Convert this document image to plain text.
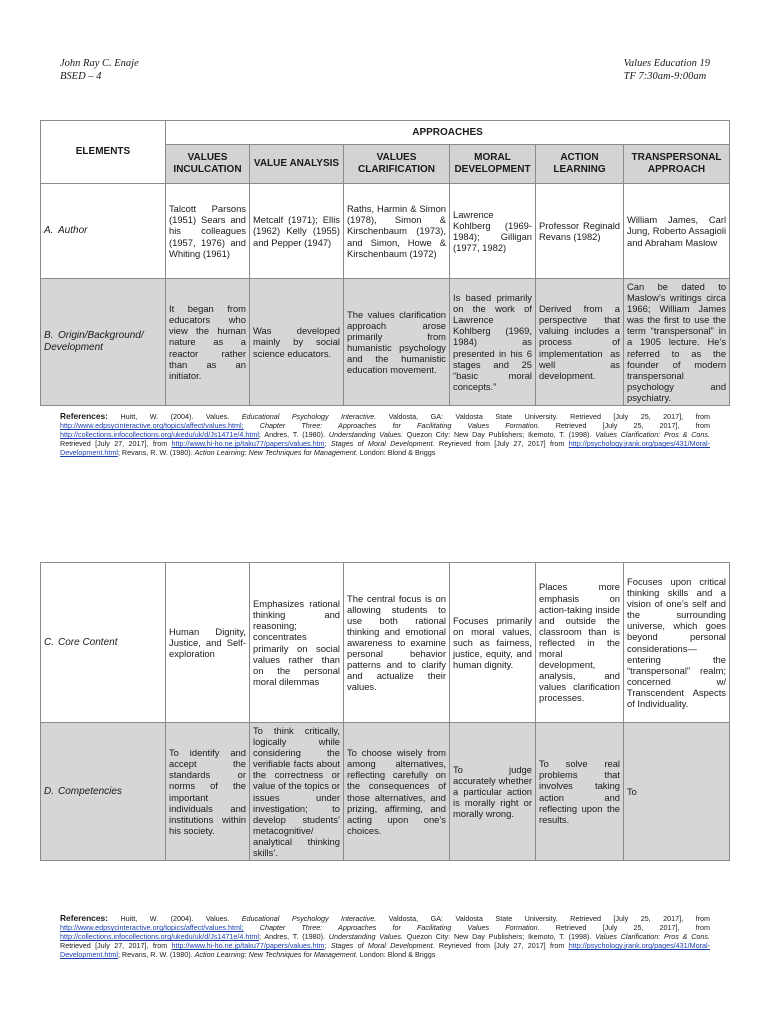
John Ray C. Enaje
BSED – 4
Values Education 19
TF 7:30am-9:00am
ELEMENTS	APPROACHES					
	VALUES INCULCATION	VALUE ANALYSIS	VALUES CLARIFICATION	MORAL DEVELOPMENT	ACTION LEARNING	TRANSPERSONAL APPROACH
A. Author	Talcott Parsons (1951) Sears and his colleagues (1957, 1976) and Whiting (1961)	Metcalf (1971); Ellis (1962) Kelly (1955) and Pepper (1947)	Raths, Harmin & Simon (1978), Simon & Kirschenbaum (1973), and Simon, Howe & Kirschenbaum (1972)	Lawrence Kohlberg (1969-1984); Gilligan (1977, 1982)	Professor Reginald Revans (1982)	William James, Carl Jung, Roberto Assagioli and Abraham Maslow
B. Origin/Background/ Development	It began from educators who view the human nature as a reactor rather than as an initiator.	Was developed mainly by social science educators.	The values clarification approach arose primarily from humanistic psychology and the humanistic education movement.	Is based primarily on the work of Lawrence Kohlberg (1969, 1984) as presented in his 6 stages and 25 “basic moral concepts.”	Derived from a perspective that valuing includes a process of implementation as well as development.	Can be dated to Maslow’s writings circa 1966; William James was the first to use the term “transpersonal” in a 1905 lecture. He’s referred to as the founder of modern transpersonal psychology and psychiatry.
References: Huitt, W. (2004). Values. Educational Psychology Interactive. Valdosta, GA: Valdosta State University. Retrieved [July 25, 2017], from http://www.edpsycinteractive.org/topics/affect/values.html; Chapter Three: Approaches for Facilitating Values Formation. Retrieved [July 25, 2017], from http://collections.infocollections.org/ukedu/uk/d/Js1471e/4.html; Andres, T. (1980). Understanding Values. Quezon City: New Day Publishers; Ikemoto, T. (1998). Values Clarification: Pros & Cons. Retrieved [July 27, 2017], from http://www.hi-ho.ne.jp/taku77/papers/values.htm; Stages of Moral Development. Reyrieved from [July 27, 2017] from http://psychology.jrank.org/pages/431/Moral-Development.html; Revans, R. W. (1980). Action Learning: New Techniques for Management. London: Blond & Briggs
C. Core Content	Human Dignity, Justice, and Self-exploration	Emphasizes rational thinking and reasoning; concentrates primarily on social values rather than on the personal moral dilemmas	The central focus is on allowing students to use both rational thinking and emotional awareness to examine personal behavior patterns and to clarify and actualize their values.	Focuses primarily on moral values, such as fairness, justice, equity, and human dignity.	Places more emphasis on action-taking inside and outside the classroom than is reflected in the moral development, analysis, and values clarification processes.	Focuses upon critical thinking skills and a vision of one’s self and the surrounding universe, which goes beyond personal considerations— entering the “transpersonal” realm; concerned w/ Transcendent Aspects of Individuality.
D. Competencies	To identify and accept the standards or norms of the important individuals and institutions within his society.	To think critically, logically while considering the verifiable facts about the correctness or value of the topics or issues under investigation; to develop students’ metacognitive/ analytical thinking skills’.	To choose wisely from among alternatives, reflecting carefully on the consequences of those alternatives, and prizing, affirming, and acting upon one’s choices.	To judge accurately whether a particular action is morally right or morally wrong.	To solve real problems that involves taking action and reflecting upon the results.	To
References: Huitt, W. (2004). Values. Educational Psychology Interactive. Valdosta, GA: Valdosta State University. Retrieved [July 25, 2017], from http://www.edpsycinteractive.org/topics/affect/values.html; Chapter Three: Approaches for Facilitating Values Formation. Retrieved [July 25, 2017], from http://collections.infocollections.org/ukedu/uk/d/Js1471e/4.html; Andres, T. (1980). Understanding Values. Quezon City: New Day Publishers; Ikemoto, T. (1998). Values Clarification: Pros & Cons. Retrieved [July 27, 2017], from http://www.hi-ho.ne.jp/taku77/papers/values.htm; Stages of Moral Development. Reyrieved from [July 27, 2017] from http://psychology.jrank.org/pages/431/Moral-Development.html; Revans, R. W. (1980). Action Learning: New Techniques for Management. London: Blond & Briggs
